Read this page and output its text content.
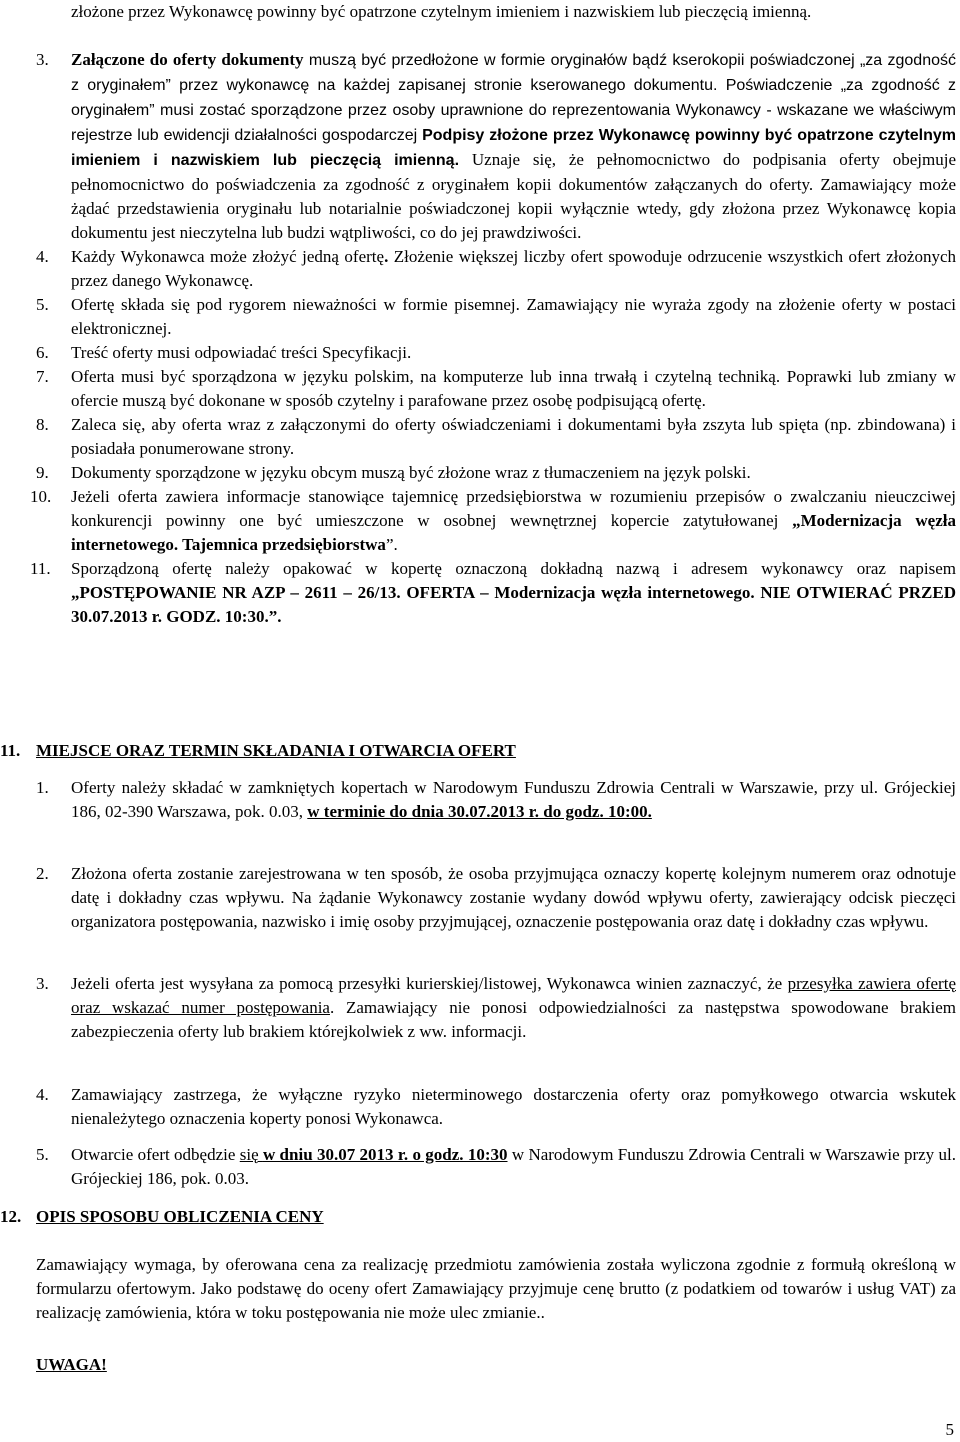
złożone przez Wykonawcę powinny być opatrzone czytelnym imieniem i nazwiskiem lub pieczęcią imienną.
3. Załączone do oferty dokumenty muszą być przedłożone w formie oryginałów bądź kserokopii poświadczonej „za zgodność z oryginałem” przez wykonawcę na każdej zapisanej stronie kserowanego dokumentu. Poświadczenie „za zgodność z oryginałem” musi zostać sporządzone przez osoby uprawnione do reprezentowania Wykonawcy - wskazane we właściwym rejestrze lub ewidencji działalności gospodarczej Podpisy złożone przez Wykonawcę powinny być opatrzone czytelnym imieniem i nazwiskiem lub pieczęcią imienną. Uznaje się, że pełnomocnictwo do podpisania oferty obejmuje pełnomocnictwo do poświadczenia za zgodność z oryginałem kopii dokumentów załączanych do oferty. Zamawiający może żądać przedstawienia oryginału lub notarialnie poświadczonej kopii wyłącznie wtedy, gdy złożona przez Wykonawcę kopia dokumentu jest nieczytelna lub budzi wątpliwości, co do jej prawdziwości.
4. Każdy Wykonawca może złożyć jedną ofertę. Złożenie większej liczby ofert spowoduje odrzucenie wszystkich ofert złożonych przez danego Wykonawcę.
5. Ofertę składa się pod rygorem nieważności w formie pisemnej. Zamawiający nie wyraża zgody na złożenie oferty w postaci elektronicznej.
6. Treść oferty musi odpowiadać treści Specyfikacji.
7. Oferta musi być sporządzona w języku polskim, na komputerze lub inna trwałą i czytelną techniką. Poprawki lub zmiany w ofercie muszą być dokonane w sposób czytelny i parafowane przez osobę podpisującą ofertę.
8. Zaleca się, aby oferta wraz z załączonymi do oferty oświadczeniami i dokumentami była zszyta lub spięta (np. zbindowana) i posiadała ponumerowane strony.
9. Dokumenty sporządzone w języku obcym muszą być złożone wraz z tłumaczeniem na język polski.
10. Jeżeli oferta zawiera informacje stanowiące tajemnicę przedsiębiorstwa w rozumieniu przepisów o zwalczaniu nieuczciwej konkurencji powinny one być umieszczone w osobnej wewnętrznej kopercie zatytułowanej „Modernizacja węzła internetowego. Tajemnica przedsiębiorstwa”.
11. Sporządzoną ofertę należy opakować w kopertę oznaczoną dokładną nazwą i adresem wykonawcy oraz napisem „POSTĘPOWANIE NR AZP – 2611 – 26/13. OFERTA – Modernizacja węzła internetowego. NIE OTWIERAĆ PRZED 30.07.2013 r. GODZ. 10:30.”.
11. MIEJSCE ORAZ TERMIN SKŁADANIA I OTWARCIA OFERT
1. Oferty należy składać w zamkniętych kopertach w Narodowym Funduszu Zdrowia Centrali w Warszawie, przy ul. Grójeckiej 186, 02-390 Warszawa, pok. 0.03, w terminie do dnia 30.07.2013 r. do godz. 10:00.
2. Złożona oferta zostanie zarejestrowana w ten sposób, że osoba przyjmująca oznaczy kopertę kolejnym numerem oraz odnotuje datę i dokładny czas wpływu. Na żądanie Wykonawcy zostanie wydany dowód wpływu oferty, zawierający odcisk pieczęci organizatora postępowania, nazwisko i imię osoby przyjmującej, oznaczenie postępowania oraz datę i dokładny czas wpływu.
3. Jeżeli oferta jest wysyłana za pomocą przesyłki kurierskiej/listowej, Wykonawca winien zaznaczyć, że przesyłka zawiera ofertę oraz wskazać numer postępowania. Zamawiający nie ponosi odpowiedzialności za następstwa spowodowane brakiem zabezpieczenia oferty lub brakiem którejkolwiek z ww. informacji.
4. Zamawiający zastrzega, że wyłączne ryzyko nieterminowego dostarczenia oferty oraz pomyłkowego otwarcia wskutek nienależytego oznaczenia koperty ponosi Wykonawca.
5. Otwarcie ofert odbędzie się w dniu 30.07 2013 r. o godz. 10:30 w Narodowym Funduszu Zdrowia Centrali w Warszawie przy ul. Grójeckiej 186, pok. 0.03.
12. OPIS SPOSOBU OBLICZENIA CENY
Zamawiający wymaga, by oferowana cena za realizację przedmiotu zamówienia została wyliczona zgodnie z formułą określoną w formularzu ofertowym. Jako podstawę do oceny ofert Zamawiający przyjmuje cenę brutto (z podatkiem od towarów i usług VAT) za realizację zamówienia, która w toku postępowania nie może ulec zmianie..
UWAGA!
5
